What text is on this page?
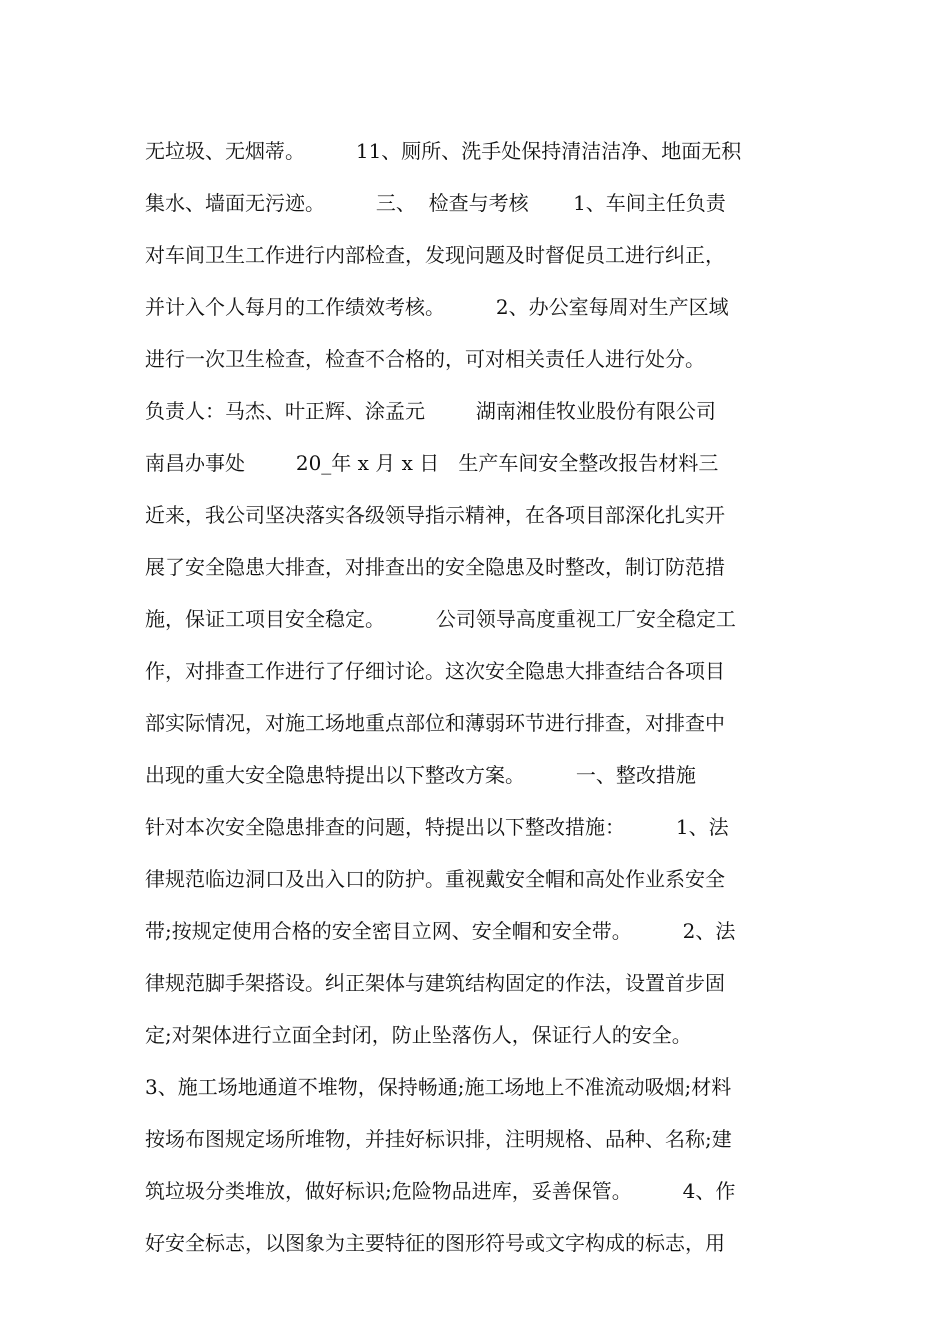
无垃圾、无烟蒂。        11、厕所、洗手处保持清洁洁净、地面无积
集水、墙面无污迹。        三、  检查与考核       1、车间主任负责
对车间卫生工作进行内部检查，发现问题及时督促员工进行纠正，
并计入个人每月的工作绩效考核。        2、办公室每周对生产区域
进行一次卫生检查，检查不合格的，可对相关责任人进行处分。
负责人：马杰、叶正辉、涂孟元        湖南湘佳牧业股份有限公司
南昌办事处        20_年 x 月 x 日   生产车间安全整改报告材料三
近来，我公司坚决落实各级领导指示精神，在各项目部深化扎实开
展了安全隐患大排查，对排查出的安全隐患及时整改，制订防范措
施，保证工项目安全稳定。        公司领导高度重视工厂安全稳定工
作，对排查工作进行了仔细讨论。这次安全隐患大排查结合各项目
部实际情况，对施工场地重点部位和薄弱环节进行排查，对排查中
出现的重大安全隐患特提出以下整改方案。        一、整改措施
针对本次安全隐患排查的问题，特提出以下整改措施：        1、法
律规范临边洞口及出入口的防护。重视戴安全帽和高处作业系安全
带;按规定使用合格的安全密目立网、安全帽和安全带。        2、法
律规范脚手架搭设。纠正架体与建筑结构固定的作法，设置首步固
定;对架体进行立面全封闭，防止坠落伤人，保证行人的安全。
3、施工场地通道不堆物，保持畅通;施工场地上不准流动吸烟;材料
按场布图规定场所堆物，并挂好标识排，注明规格、品种、名称;建
筑垃圾分类堆放，做好标识;危险物品进库，妥善保管。        4、作
好安全标志，以图象为主要特征的图形符号或文字构成的标志，用
